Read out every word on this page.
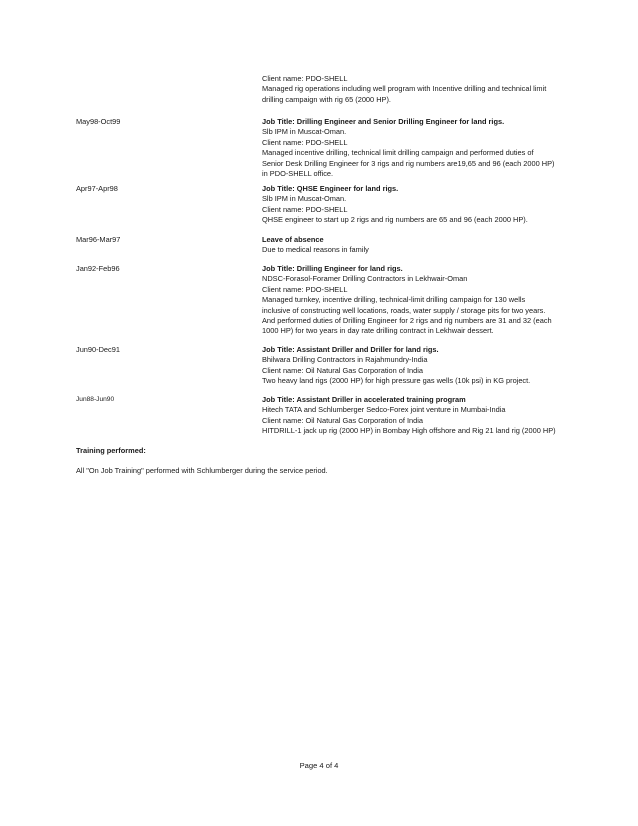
Client name: PDO-SHELL
Managed rig operations including well program with Incentive drilling and technical limit
drilling campaign with rig 65 (2000 HP).
May98-Oct99	Job Title: Drilling Engineer and Senior Drilling Engineer for land rigs.
Slb IPM in Muscat-Oman.
Client name: PDO-SHELL
Managed incentive drilling, technical limit drilling campaign and performed duties of
Senior Desk Drilling Engineer for 3 rigs and rig numbers are19,65 and 96 (each 2000 HP)
in PDO-SHELL office.
Apr97-Apr98	Job Title: QHSE Engineer for land rigs.
Slb IPM in Muscat-Oman.
Client name: PDO-SHELL
QHSE engineer to start up 2 rigs and rig numbers are 65 and 96 (each 2000 HP).
Mar96-Mar97	Leave of absence
Due to medical reasons in family
Jan92-Feb96	Job Title: Drilling Engineer for land rigs.
NDSC-Forasol-Foramer Drilling Contractors in Lekhwair-Oman
Client name: PDO-SHELL
Managed turnkey, incentive drilling, technical-limit drilling campaign for 130 wells
inclusive of constructing well locations, roads, water supply / storage pits for two years.
And performed duties of Drilling Engineer for 2 rigs and rig numbers are 31 and 32 (each
1000 HP) for two years in day rate drilling contract in Lekhwair dessert.
Jun90-Dec91	Job Title: Assistant Driller and Driller for land rigs.
Bhilwara Drilling Contractors in Rajahmundry-India
Client name: Oil Natural Gas Corporation of India
Two heavy land rigs (2000 HP) for high pressure gas wells (10k psi) in KG project.
Jun88-Jun90	Job Title: Assistant Driller in accelerated training program
Hitech TATA and Schlumberger Sedco-Forex joint venture in Mumbai-India
Client name: Oil Natural Gas Corporation of India
HITDRILL-1 jack up rig (2000 HP) in Bombay High offshore and Rig 21 land rig (2000 HP)
Training performed:
All "On Job Training" performed with Schlumberger during the service period.
Page 4 of 4
